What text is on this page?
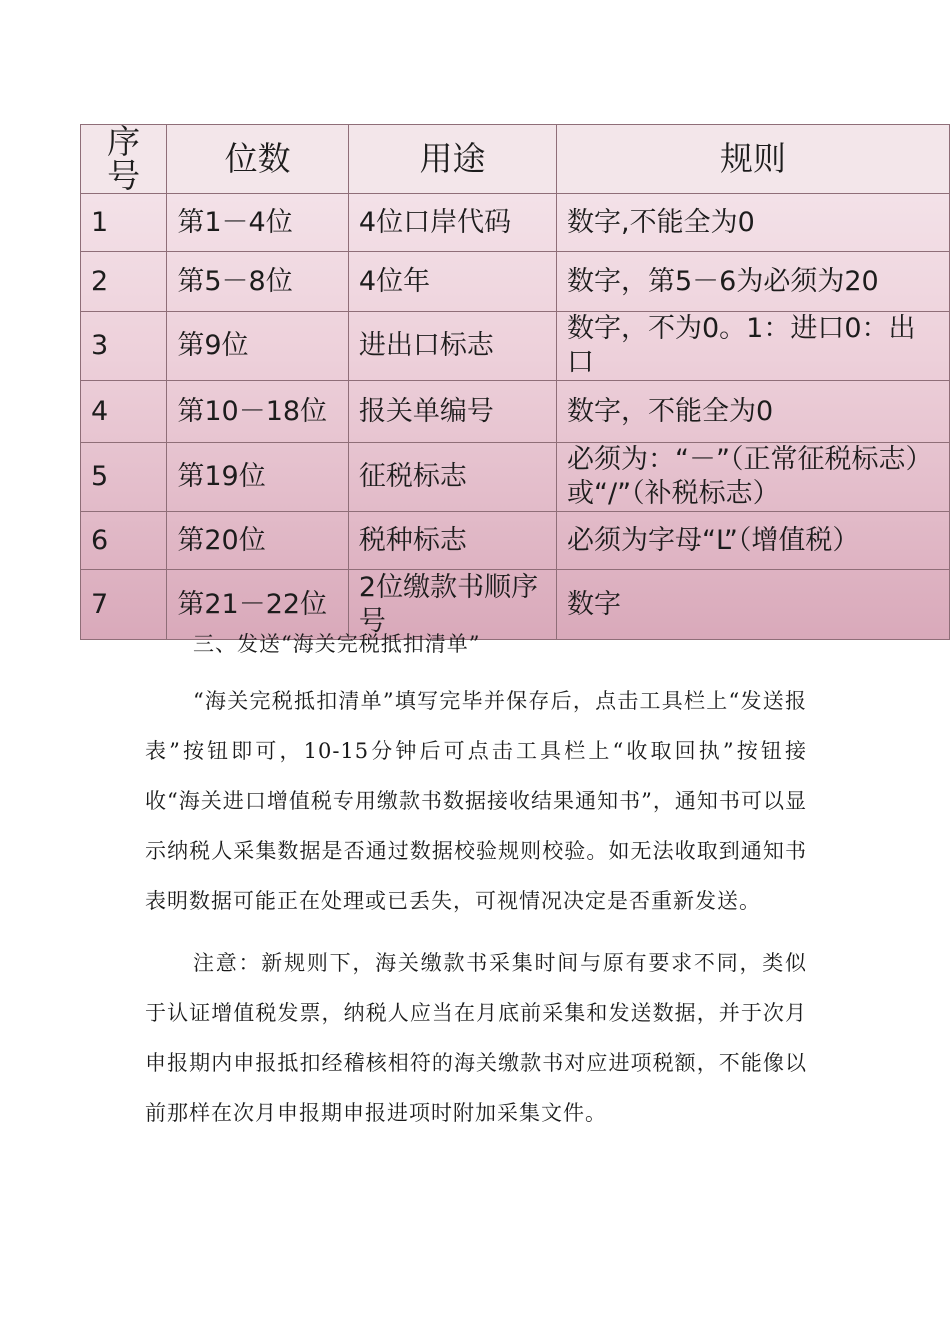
序号	位数	用途	规则
1	第1－4位	4位口岸代码	数字,不能全为0
2	第5－8位	4位年	数字，第5－6为必须为20
3	第9位	进出口标志	数字，不为0。1：进口0：出口
4	第10－18位	报关单编号	数字，不能全为0
5	第19位	征税标志	必须为：“－”（正常征税标志）或“/”（补税标志）
6	第20位	税种标志	必须为字母“L”（增值税）
7	第21－22位	2位缴款书顺序号	数字

三、发送“海关完税抵扣清单”

“海关完税抵扣清单”填写完毕并保存后，点击工具栏上“发送报表”按钮即可，10-15分钟后可点击工具栏上“收取回执”按钮接收“海关进口增值税专用缴款书数据接收结果通知书”，通知书可以显示纳税人采集数据是否通过数据校验规则校验。如无法收取到通知书表明数据可能正在处理或已丢失，可视情况决定是否重新发送。

注意：新规则下，海关缴款书采集时间与原有要求不同，类似于认证增值税发票，纳税人应当在月底前采集和发送数据，并于次月申报期内申报抵扣经稽核相符的海关缴款书对应进项税额，不能像以前那样在次月申报期申报进项时附加采集文件。
